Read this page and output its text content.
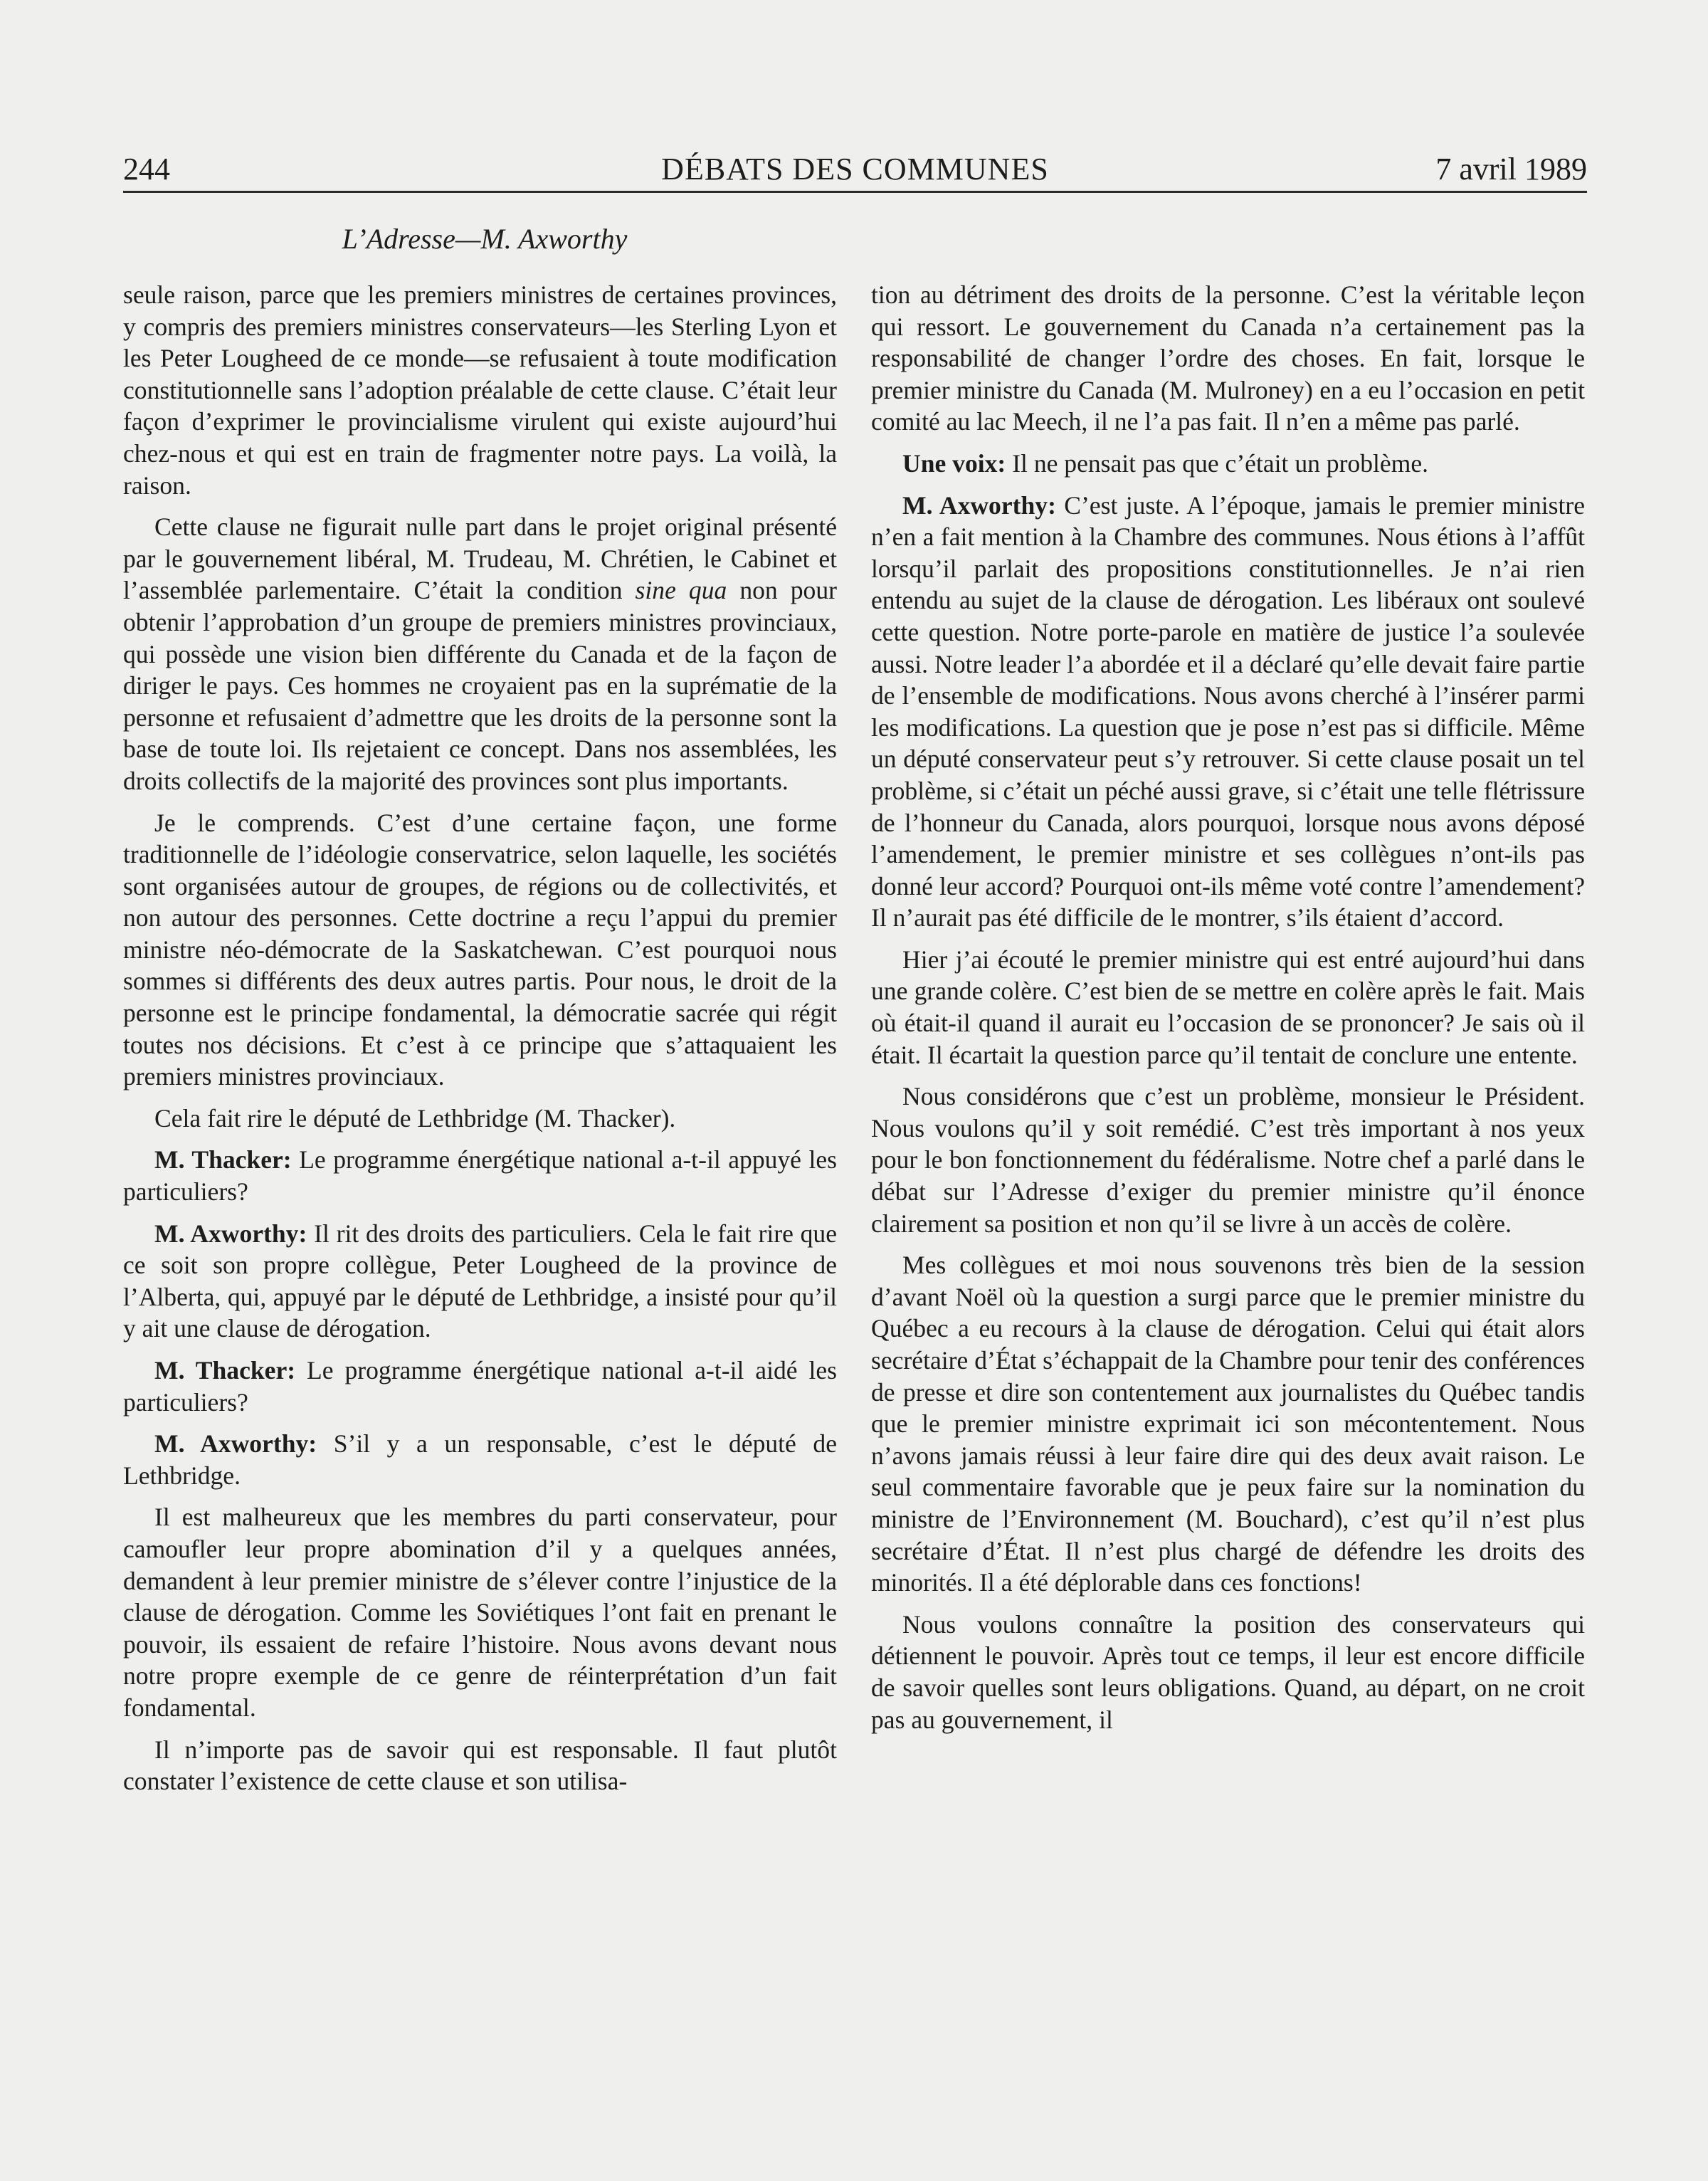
244	DÉBATS DES COMMUNES	7 avril 1989
L’Adresse—M. Axworthy

seule raison, parce que les premiers ministres de certaines provinces, y compris des premiers ministres conservateurs—les Sterling Lyon et les Peter Lougheed de ce monde—se refusaient à toute modification constitutionnelle sans l’adoption préalable de cette clause. C’était leur façon d’exprimer le provincialisme virulent qui existe aujourd’hui chez-nous et qui est en train de fragmenter notre pays. La voilà, la raison.

Cette clause ne figurait nulle part dans le projet original présenté par le gouvernement libéral, M. Trudeau, M. Chrétien, le Cabinet et l’assemblée parlementaire. C’était la condition sine qua non pour obtenir l’approbation d’un groupe de premiers ministres provinciaux, qui possède une vision bien différente du Canada et de la façon de diriger le pays. Ces hommes ne croyaient pas en la suprématie de la personne et refusaient d’admettre que les droits de la personne sont la base de toute loi. Ils rejetaient ce concept. Dans nos assemblées, les droits collectifs de la majorité des provinces sont plus importants.

Je le comprends. C’est d’une certaine façon, une forme traditionnelle de l’idéologie conservatrice, selon laquelle, les sociétés sont organisées autour de groupes, de régions ou de collectivités, et non autour des personnes. Cette doctrine a reçu l’appui du premier ministre néo-démocrate de la Saskatchewan. C’est pourquoi nous sommes si différents des deux autres partis. Pour nous, le droit de la personne est le principe fondamental, la démocratie sacrée qui régit toutes nos décisions. Et c’est à ce principe que s’attaquaient les premiers ministres provinciaux.

Cela fait rire le député de Lethbridge (M. Thacker).

M. Thacker: Le programme énergétique national a-t-il appuyé les particuliers?

M. Axworthy: Il rit des droits des particuliers. Cela le fait rire que ce soit son propre collègue, Peter Lougheed de la province de l’Alberta, qui, appuyé par le député de Lethbridge, a insisté pour qu’il y ait une clause de dérogation.

M. Thacker: Le programme énergétique national a-t-il aidé les particuliers?

M. Axworthy: S’il y a un responsable, c’est le député de Lethbridge.

Il est malheureux que les membres du parti conservateur, pour camoufler leur propre abomination d’il y a quelques années, demandent à leur premier ministre de s’élever contre l’injustice de la clause de dérogation. Comme les Soviétiques l’ont fait en prenant le pouvoir, ils essaient de refaire l’histoire. Nous avons devant nous notre propre exemple de ce genre de réinterprétation d’un fait fondamental.

Il n’importe pas de savoir qui est responsable. Il faut plutôt constater l’existence de cette clause et son utilisa-

tion au détriment des droits de la personne. C’est la véritable leçon qui ressort. Le gouvernement du Canada n’a certainement pas la responsabilité de changer l’ordre des choses. En fait, lorsque le premier ministre du Canada (M. Mulroney) en a eu l’occasion en petit comité au lac Meech, il ne l’a pas fait. Il n’en a même pas parlé.

Une voix: Il ne pensait pas que c’était un problème.

M. Axworthy: C’est juste. A l’époque, jamais le premier ministre n’en a fait mention à la Chambre des communes. Nous étions à l’affût lorsqu’il parlait des propositions constitutionnelles. Je n’ai rien entendu au sujet de la clause de dérogation. Les libéraux ont soulevé cette question. Notre porte-parole en matière de justice l’a soulevée aussi. Notre leader l’a abordée et il a déclaré qu’elle devait faire partie de l’ensemble de modifications. Nous avons cherché à l’insérer parmi les modifications. La question que je pose n’est pas si difficile. Même un député conservateur peut s’y retrouver. Si cette clause posait un tel problème, si c’était un péché aussi grave, si c’était une telle flétrissure de l’honneur du Canada, alors pourquoi, lorsque nous avons déposé l’amendement, le premier ministre et ses collègues n’ont-ils pas donné leur accord? Pourquoi ont-ils même voté contre l’amendement? Il n’aurait pas été difficile de le montrer, s’ils étaient d’accord.

Hier j’ai écouté le premier ministre qui est entré aujourd’hui dans une grande colère. C’est bien de se mettre en colère après le fait. Mais où était-il quand il aurait eu l’occasion de se prononcer? Je sais où il était. Il écartait la question parce qu’il tentait de conclure une entente.

Nous considérons que c’est un problème, monsieur le Président. Nous voulons qu’il y soit remédié. C’est très important à nos yeux pour le bon fonctionnement du fédéralisme. Notre chef a parlé dans le débat sur l’Adresse d’exiger du premier ministre qu’il énonce clairement sa position et non qu’il se livre à un accès de colère.

Mes collègues et moi nous souvenons très bien de la session d’avant Noël où la question a surgi parce que le premier ministre du Québec a eu recours à la clause de dérogation. Celui qui était alors secrétaire d’État s’échappait de la Chambre pour tenir des conférences de presse et dire son contentement aux journalistes du Québec tandis que le premier ministre exprimait ici son mécontentement. Nous n’avons jamais réussi à leur faire dire qui des deux avait raison. Le seul commentaire favorable que je peux faire sur la nomination du ministre de l’Environnement (M. Bouchard), c’est qu’il n’est plus secrétaire d’État. Il n’est plus chargé de défendre les droits des minorités. Il a été déplorable dans ces fonctions!

Nous voulons connaître la position des conservateurs qui détiennent le pouvoir. Après tout ce temps, il leur est encore difficile de savoir quelles sont leurs obligations. Quand, au départ, on ne croit pas au gouvernement, il
